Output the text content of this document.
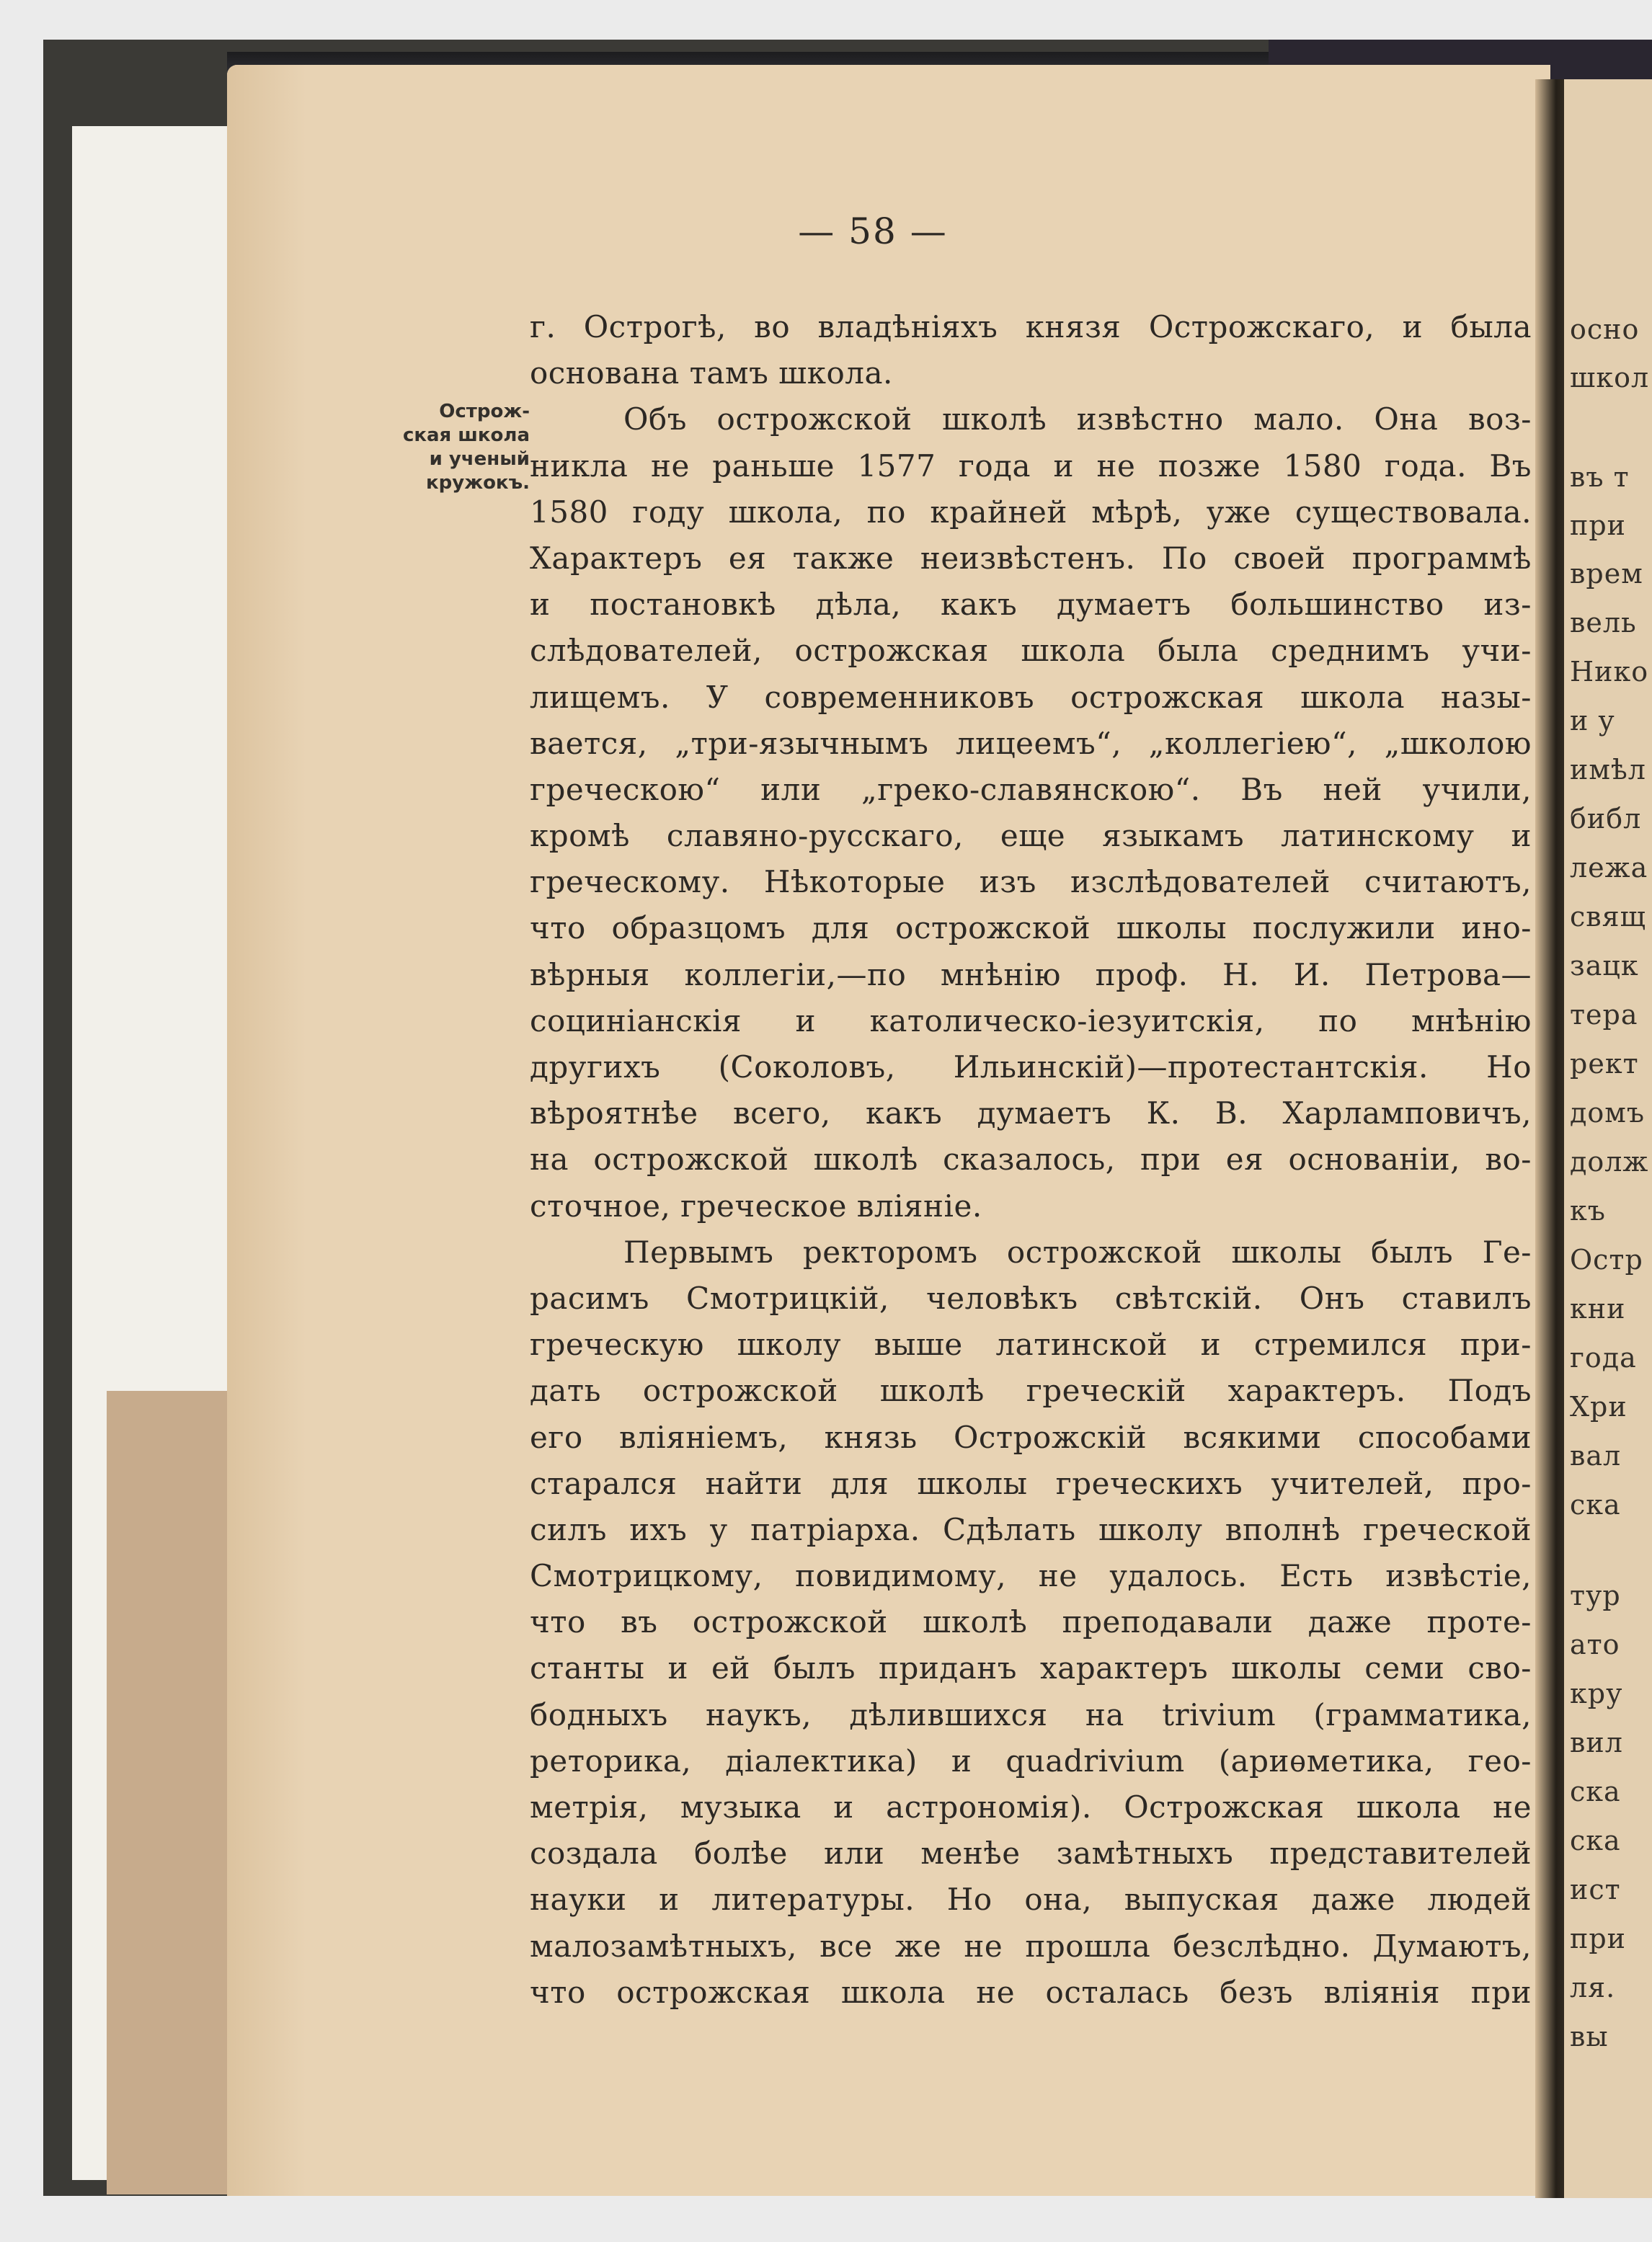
осно
школ
въ т
при
врем
вель
Нико
и у
имѣл
библ
лежа
свящ
зацк
тера
рект
домъ
долж
къ
Остр
кни
года
Хри
вал
ска
тур
ато
кру
вил
ска
ска
ист
при
ля.
вы
— 58 —
Острож-
ская школа
и ученый
кружокъ.
г. Острогѣ, во владѣніяхъ князя Острожскаго, и была
основана тамъ школа.
Объ острожской школѣ извѣстно мало. Она воз-
никла не раньше 1577 года и не позже 1580 года. Въ
1580 году школа, по крайней мѣрѣ, уже существовала.
Характеръ ея также неизвѣстенъ. По своей программѣ
и постановкѣ дѣла, какъ думаетъ большинство из-
слѣдователей, острожская школа была среднимъ учи-
лищемъ. У современниковъ острожская школа назы-
вается, „три-язычнымъ лицеемъ“, „коллегіею“, „школою
греческою“ или „греко-славянскою“. Въ ней учили,
кромѣ славяно-русскаго, еще языкамъ латинскому и
греческому. Нѣкоторые изъ изслѣдователей считаютъ,
что образцомъ для острожской школы послужили ино-
вѣрныя коллегіи,—по мнѣнію проф. Н. И. Петрова—
социніанскія и католическо-іезуитскія, по мнѣнію
другихъ (Соколовъ, Ильинскій)—протестантскія. Но
вѣроятнѣе всего, какъ думаетъ К. В. Харламповичъ,
на острожской школѣ сказалось, при ея основаніи, во-
сточное, греческое вліяніе.
Первымъ ректоромъ острожской школы былъ Ге-
расимъ Смотрицкій, человѣкъ свѣтскій. Онъ ставилъ
греческую школу выше латинской и стремился при-
дать острожской школѣ греческій характеръ. Подъ
его вліяніемъ, князь Острожскій всякими способами
старался найти для школы греческихъ учителей, про-
силъ ихъ у патріарха. Сдѣлать школу вполнѣ греческой
Смотрицкому, повидимому, не удалось. Есть извѣстіе,
что въ острожской школѣ преподавали даже проте-
станты и ей былъ приданъ характеръ школы семи сво-
бодныхъ наукъ, дѣлившихся на trivium (грамматика,
реторика, діалектика) и quadrivium (ариѳметика, гео-
метрія, музыка и астрономія). Острожская школа не
создала болѣе или менѣе замѣтныхъ представителей
науки и литературы. Но она, выпуская даже людей
малозамѣтныхъ, все же не прошла безслѣдно. Думаютъ,
что острожская школа не осталась безъ вліянія при
